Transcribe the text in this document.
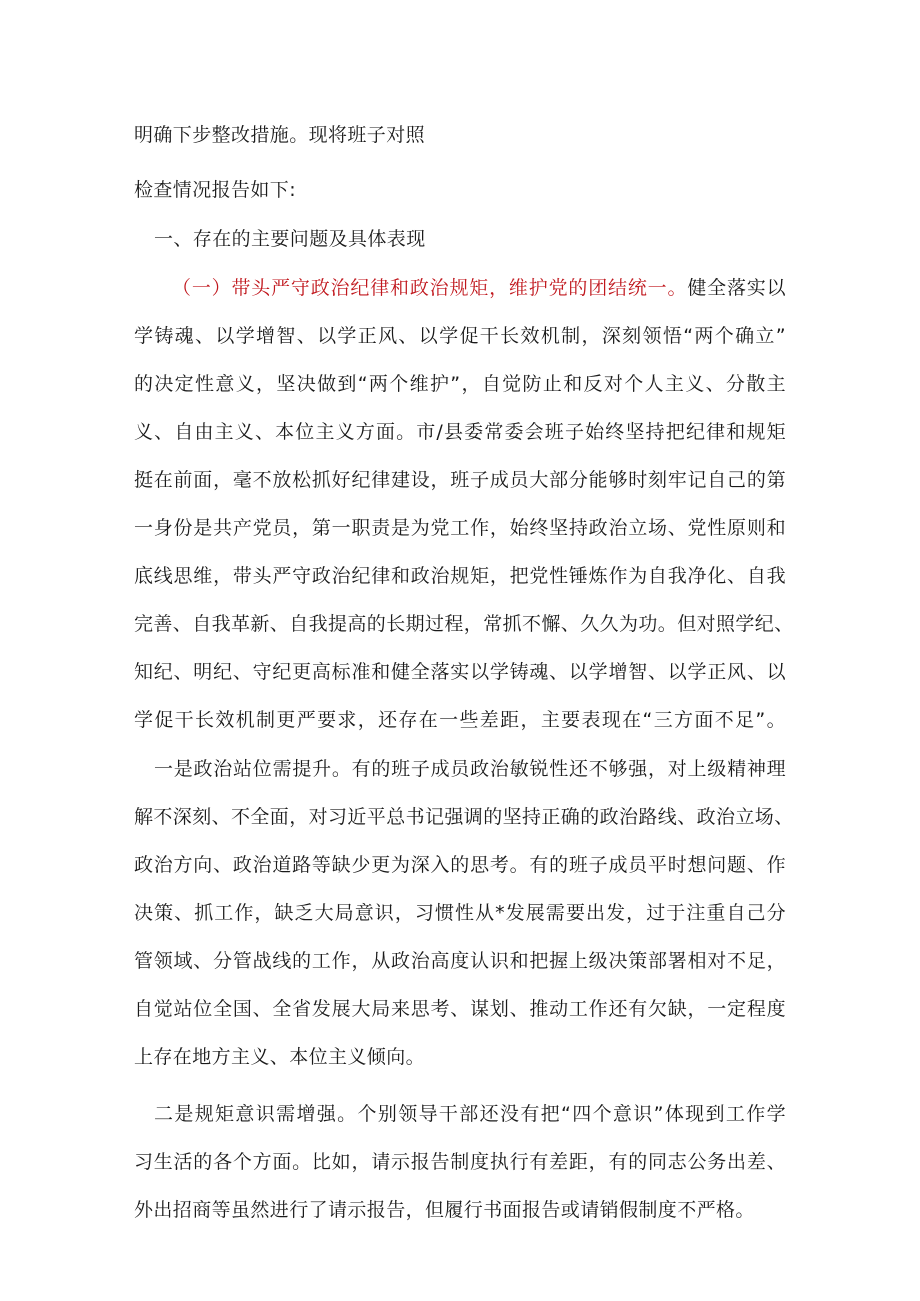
明确下步整改措施。现将班子对照
检查情况报告如下:
一、存在的主要问题及具体表现
（一）带头严守政治纪律和政治规矩，维护党的团结统一。健全落实以
学铸魂、以学增智、以学正风、以学促干长效机制，深刻领悟“两个确立”
的决定性意义，坚决做到“两个维护”，自觉防止和反对个人主义、分散主
义、自由主义、本位主义方面。市/县委常委会班子始终坚持把纪律和规矩
挺在前面，毫不放松抓好纪律建设，班子成员大部分能够时刻牢记自己的第
一身份是共产党员，第一职责是为党工作，始终坚持政治立场、党性原则和
底线思维，带头严守政治纪律和政治规矩，把党性锤炼作为自我净化、自我
完善、自我革新、自我提高的长期过程，常抓不懈、久久为功。但对照学纪、
知纪、明纪、守纪更高标准和健全落实以学铸魂、以学增智、以学正风、以
学促干长效机制更严要求，还存在一些差距，主要表现在“三方面不足”。
一是政治站位需提升。有的班子成员政治敏锐性还不够强，对上级精神理
解不深刻、不全面，对习近平总书记强调的坚持正确的政治路线、政治立场、
政治方向、政治道路等缺少更为深入的思考。有的班子成员平时想问题、作
决策、抓工作，缺乏大局意识，习惯性从*发展需要出发，过于注重自己分
管领域、分管战线的工作，从政治高度认识和把握上级决策部署相对不足，
自觉站位全国、全省发展大局来思考、谋划、推动工作还有欠缺，一定程度
上存在地方主义、本位主义倾向。
二是规矩意识需增强。个别领导干部还没有把“四个意识”体现到工作学
习生活的各个方面。比如，请示报告制度执行有差距，有的同志公务出差、
外出招商等虽然进行了请示报告，但履行书面报告或请销假制度不严格。
